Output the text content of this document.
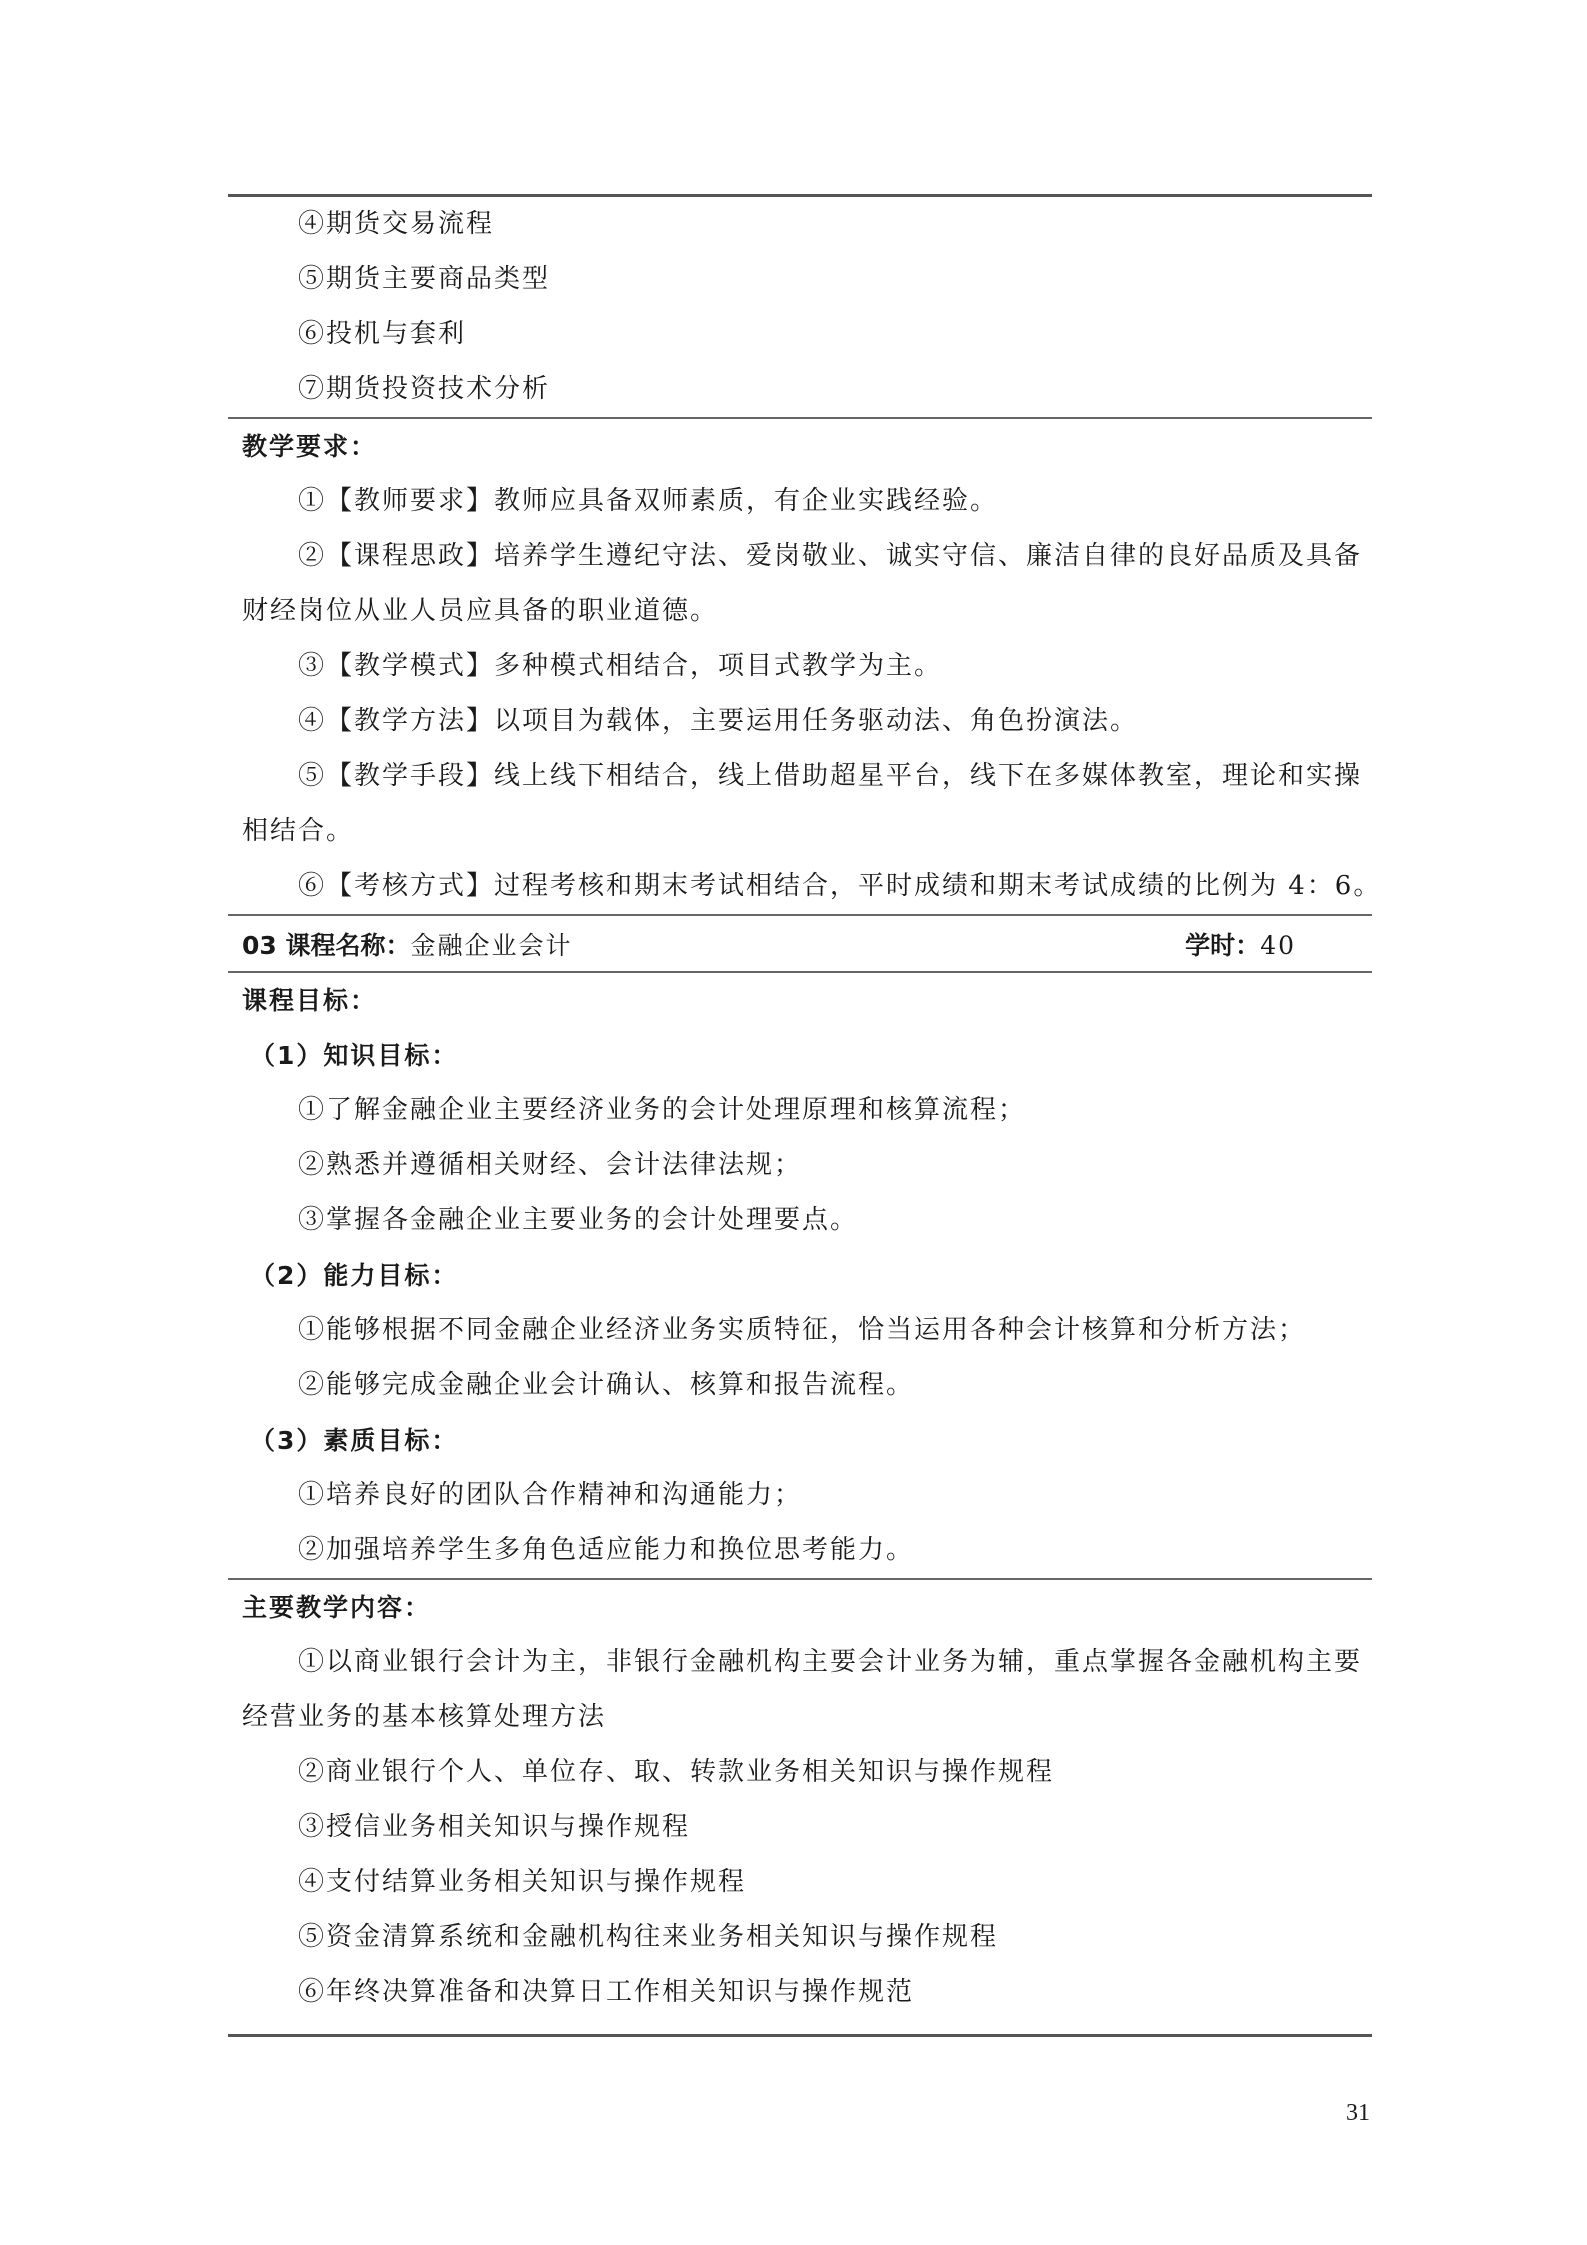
④期货交易流程
⑤期货主要商品类型
⑥投机与套利
⑦期货投资技术分析
教学要求：
①【教师要求】教师应具备双师素质，有企业实践经验。
②【课程思政】培养学生遵纪守法、爱岗敬业、诚实守信、廉洁自律的良好品质及具备财经岗位从业人员应具备的职业道德。
③【教学模式】多种模式相结合，项目式教学为主。
④【教学方法】以项目为载体，主要运用任务驱动法、角色扮演法。
⑤【教学手段】线上线下相结合，线上借助超星平台，线下在多媒体教室，理论和实操相结合。
⑥【考核方式】过程考核和期末考试相结合，平时成绩和期末考试成绩的比例为 4：6。
03 课程名称：金融企业会计	学时：40
课程目标：
（1）知识目标：
①了解金融企业主要经济业务的会计处理原理和核算流程；
②熟悉并遵循相关财经、会计法律法规；
③掌握各金融企业主要业务的会计处理要点。
（2）能力目标：
①能够根据不同金融企业经济业务实质特征，恰当运用各种会计核算和分析方法；
②能够完成金融企业会计确认、核算和报告流程。
（3）素质目标：
①培养良好的团队合作精神和沟通能力；
②加强培养学生多角色适应能力和换位思考能力。
主要教学内容：
①以商业银行会计为主，非银行金融机构主要会计业务为辅，重点掌握各金融机构主要经营业务的基本核算处理方法
②商业银行个人、单位存、取、转款业务相关知识与操作规程
③授信业务相关知识与操作规程
④支付结算业务相关知识与操作规程
⑤资金清算系统和金融机构往来业务相关知识与操作规程
⑥年终决算准备和决算日工作相关知识与操作规范
31
